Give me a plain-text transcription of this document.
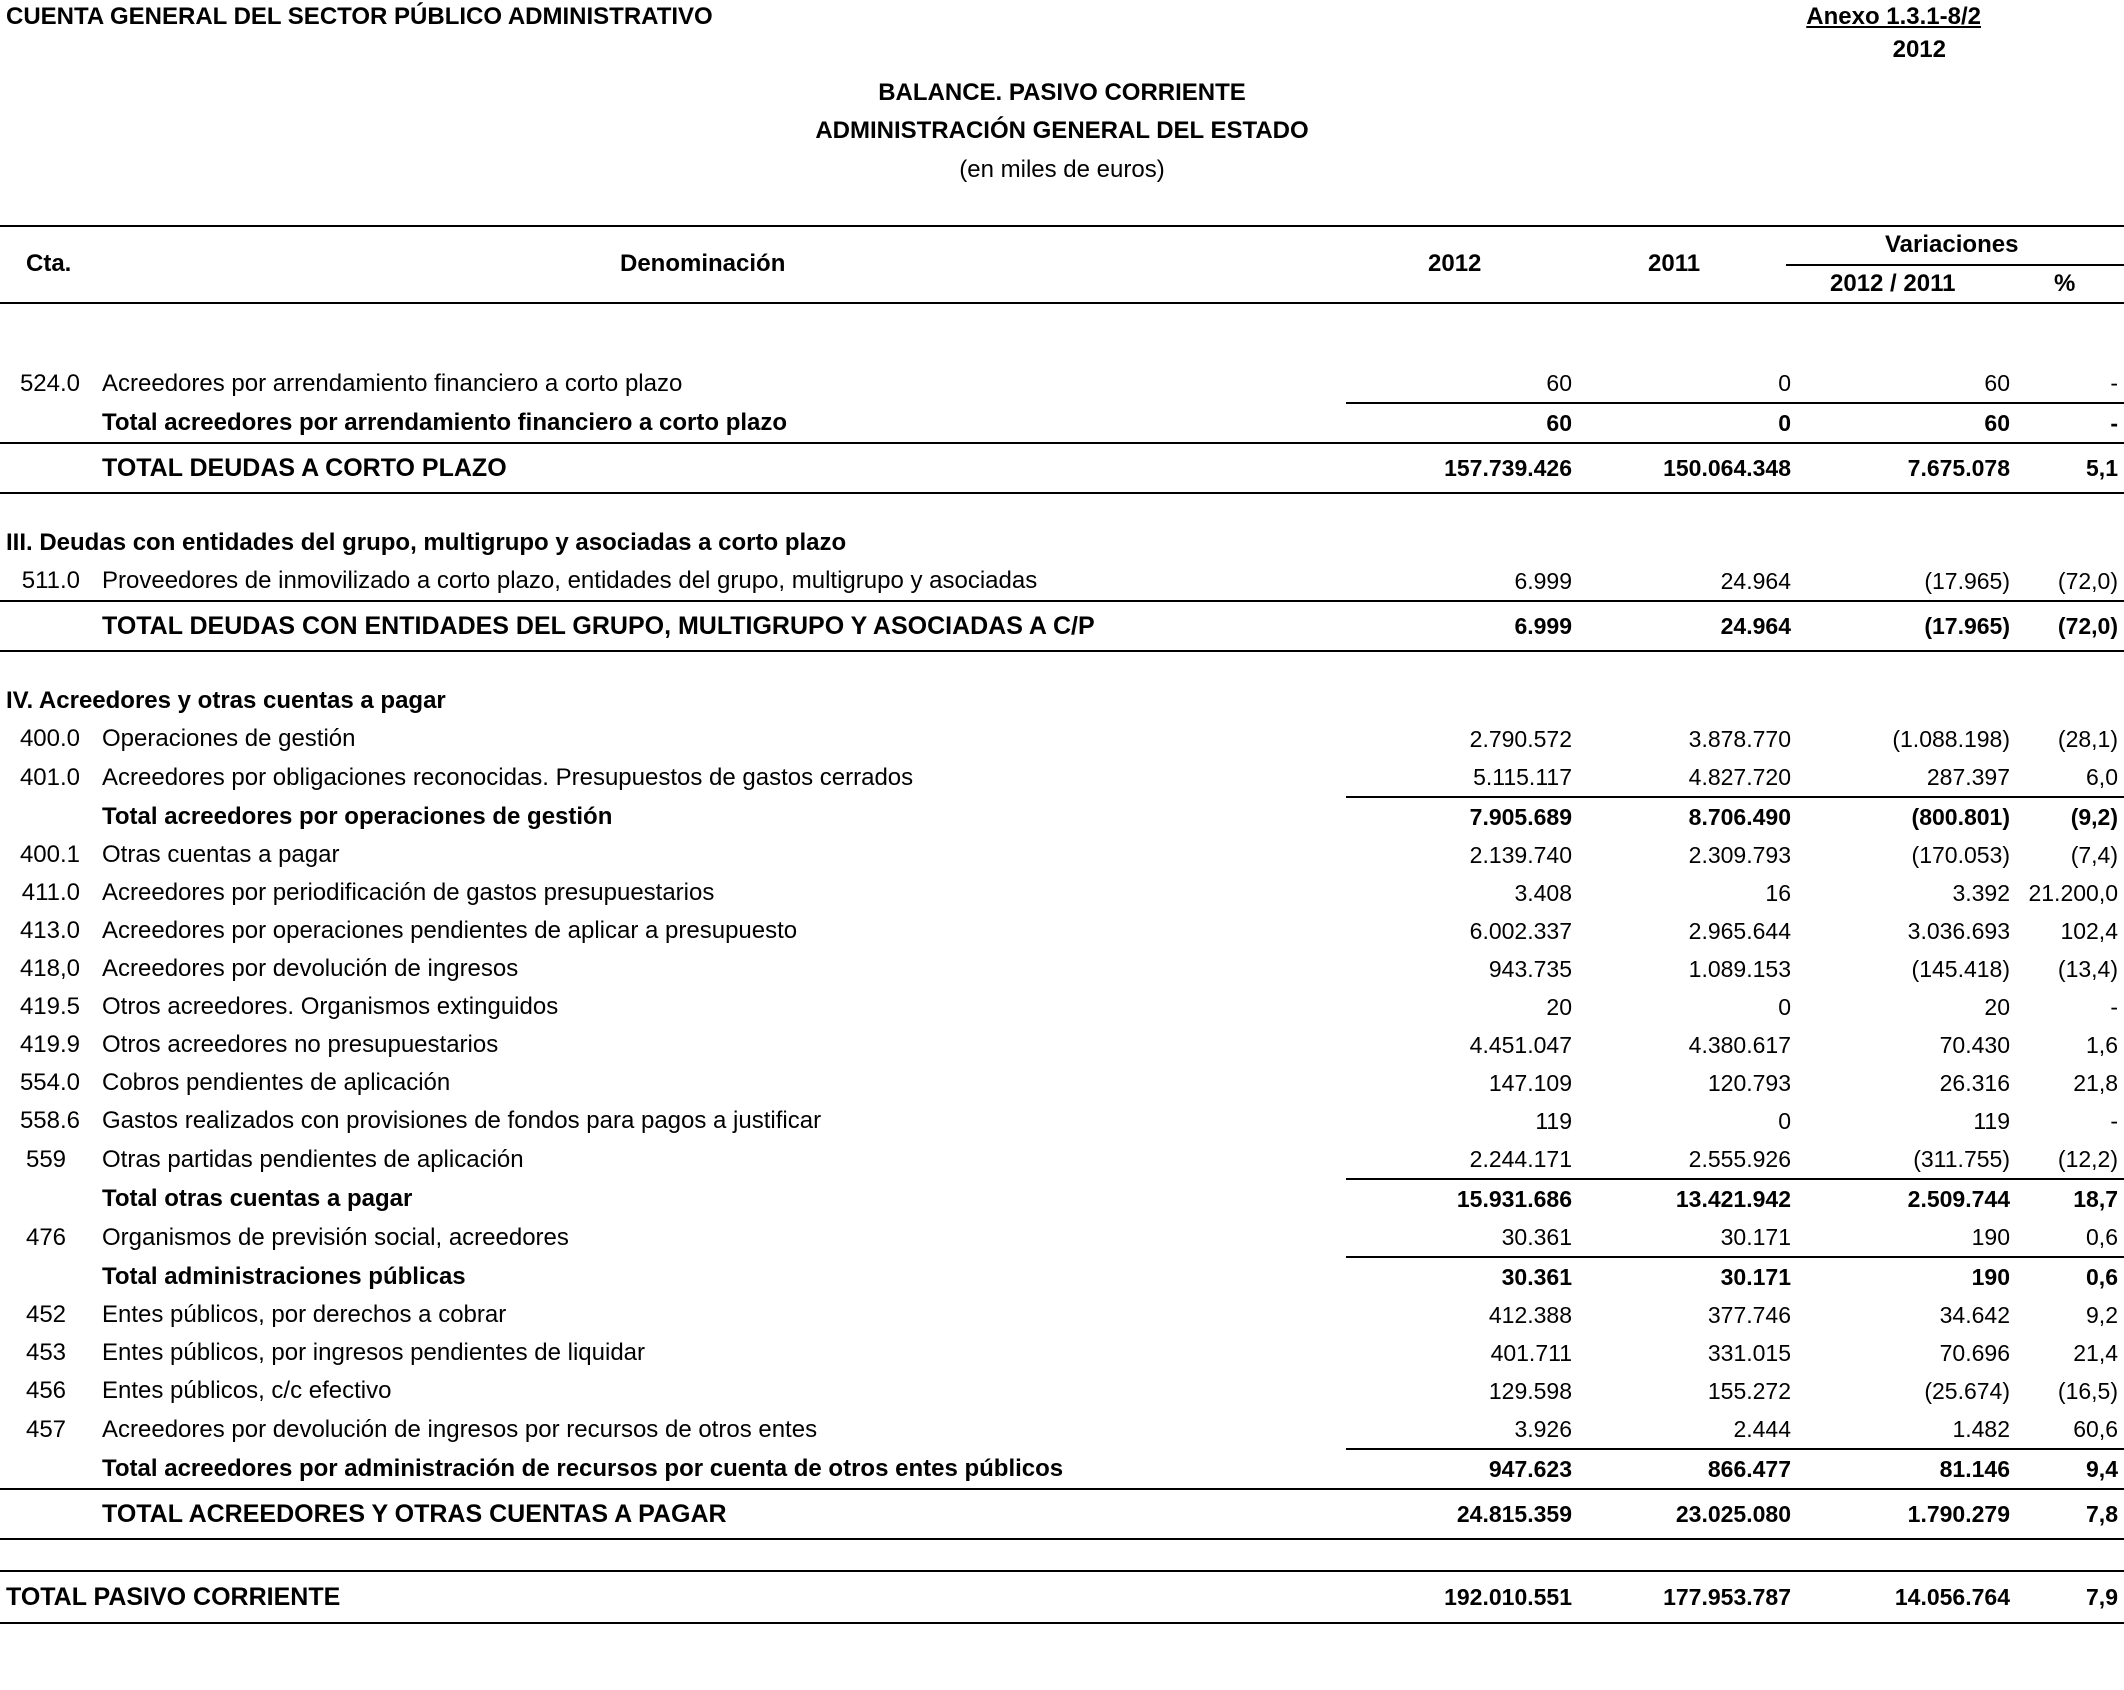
CUENTA GENERAL DEL SECTOR PÚBLICO ADMINISTRATIVO	Anexo 1.3.1-8/2
2012
BALANCE. PASIVO CORRIENTE
ADMINISTRACIÓN GENERAL DEL ESTADO
(en miles de euros)
Cta.	Denominación	2012	2011
Variaciones
2012 / 2011	%

524.0	Acreedores por arrendamiento financiero a corto plazo	60	0	60	-
	Total acreedores por arrendamiento financiero a corto plazo	60	0	60	-
	TOTAL DEUDAS A CORTO PLAZO	157.739.426	150.064.348	7.675.078	5,1

III. Deudas con entidades del grupo, multigrupo y asociadas a corto plazo					
511.0	Proveedores de inmovilizado a corto plazo, entidades del grupo, multigrupo y asociadas	6.999	24.964	(17.965)	(72,0)
	TOTAL DEUDAS CON ENTIDADES DEL GRUPO, MULTIGRUPO Y ASOCIADAS A C/P	6.999	24.964	(17.965)	(72,0)

IV. Acreedores y otras cuentas a pagar					
400.0	Operaciones de gestión	2.790.572	3.878.770	(1.088.198)	(28,1)
401.0	Acreedores por obligaciones reconocidas. Presupuestos de gastos cerrados	5.115.117	4.827.720	287.397	6,0
	Total acreedores por operaciones de gestión	7.905.689	8.706.490	(800.801)	(9,2)
400.1	Otras cuentas a pagar	2.139.740	2.309.793	(170.053)	(7,4)
411.0	Acreedores por periodificación de gastos presupuestarios	3.408	16	3.392	21.200,0
413.0	Acreedores por operaciones pendientes de aplicar a presupuesto	6.002.337	2.965.644	3.036.693	102,4
418,0	Acreedores por devolución de ingresos	943.735	1.089.153	(145.418)	(13,4)
419.5	Otros acreedores. Organismos extinguidos	20	0	20	-
419.9	Otros acreedores no presupuestarios	4.451.047	4.380.617	70.430	1,6
554.0	Cobros pendientes de aplicación	147.109	120.793	26.316	21,8
558.6	Gastos realizados con provisiones de fondos para pagos a justificar	119	0	119	-
559	Otras partidas pendientes de aplicación	2.244.171	2.555.926	(311.755)	(12,2)
	Total otras cuentas a pagar	15.931.686	13.421.942	2.509.744	18,7
476	Organismos de previsión social, acreedores	30.361	30.171	190	0,6
	Total administraciones públicas	30.361	30.171	190	0,6
452	Entes públicos, por derechos a cobrar	412.388	377.746	34.642	9,2
453	Entes públicos, por ingresos pendientes de liquidar	401.711	331.015	70.696	21,4
456	Entes públicos, c/c efectivo	129.598	155.272	(25.674)	(16,5)
457	Acreedores por devolución de ingresos por recursos de otros entes	3.926	2.444	1.482	60,6
	Total acreedores por administración de recursos por cuenta de otros entes públicos	947.623	866.477	81.146	9,4
	TOTAL ACREEDORES Y OTRAS CUENTAS A PAGAR	24.815.359	23.025.080	1.790.279	7,8

TOTAL PASIVO CORRIENTE		192.010.551	177.953.787	14.056.764	7,9
